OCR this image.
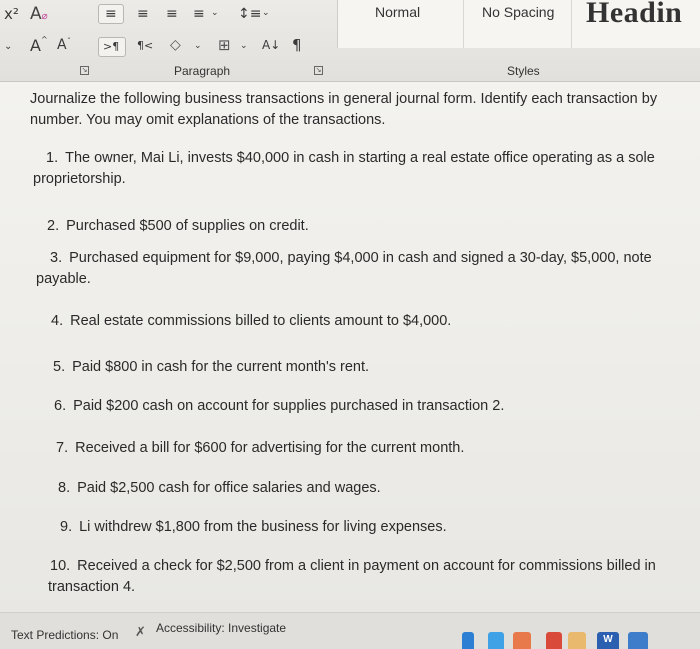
x² A⌀	≡ ≡ ≡ ≡ ⌄ ↕≡ ⌄
⌄ A ^ A ˇ	>¶ ¶< ◇ ⌄ ⊞ ⌄ A↓ ¶
↘	Paragraph	↘	Styles
Normal	No Spacing Headin
Journalize the following business transactions in general journal form. Identify each transaction by
number. You may omit explanations of the transactions.
1. The owner, Mai Li, invests $40,000 in cash in starting a real estate office operating as a sole
proprietorship.
2. Purchased $500 of supplies on credit.
3. Purchased equipment for $9,000, paying $4,000 in cash and signed a 30-day, $5,000, note
payable.
4. Real estate commissions billed to clients amount to $4,000.
5. Paid $800 in cash for the current month's rent.
6. Paid $200 cash on account for supplies purchased in transaction 2.
7. Received a bill for $600 for advertising for the current month.
8. Paid $2,500 cash for office salaries and wages.
9. Li withdrew $1,800 from the business for living expenses.
10. Received a check for $2,500 from a client in payment on account for commissions billed in
transaction 4.
Text Predictions: On ✗ Accessibility: Investigate
W
